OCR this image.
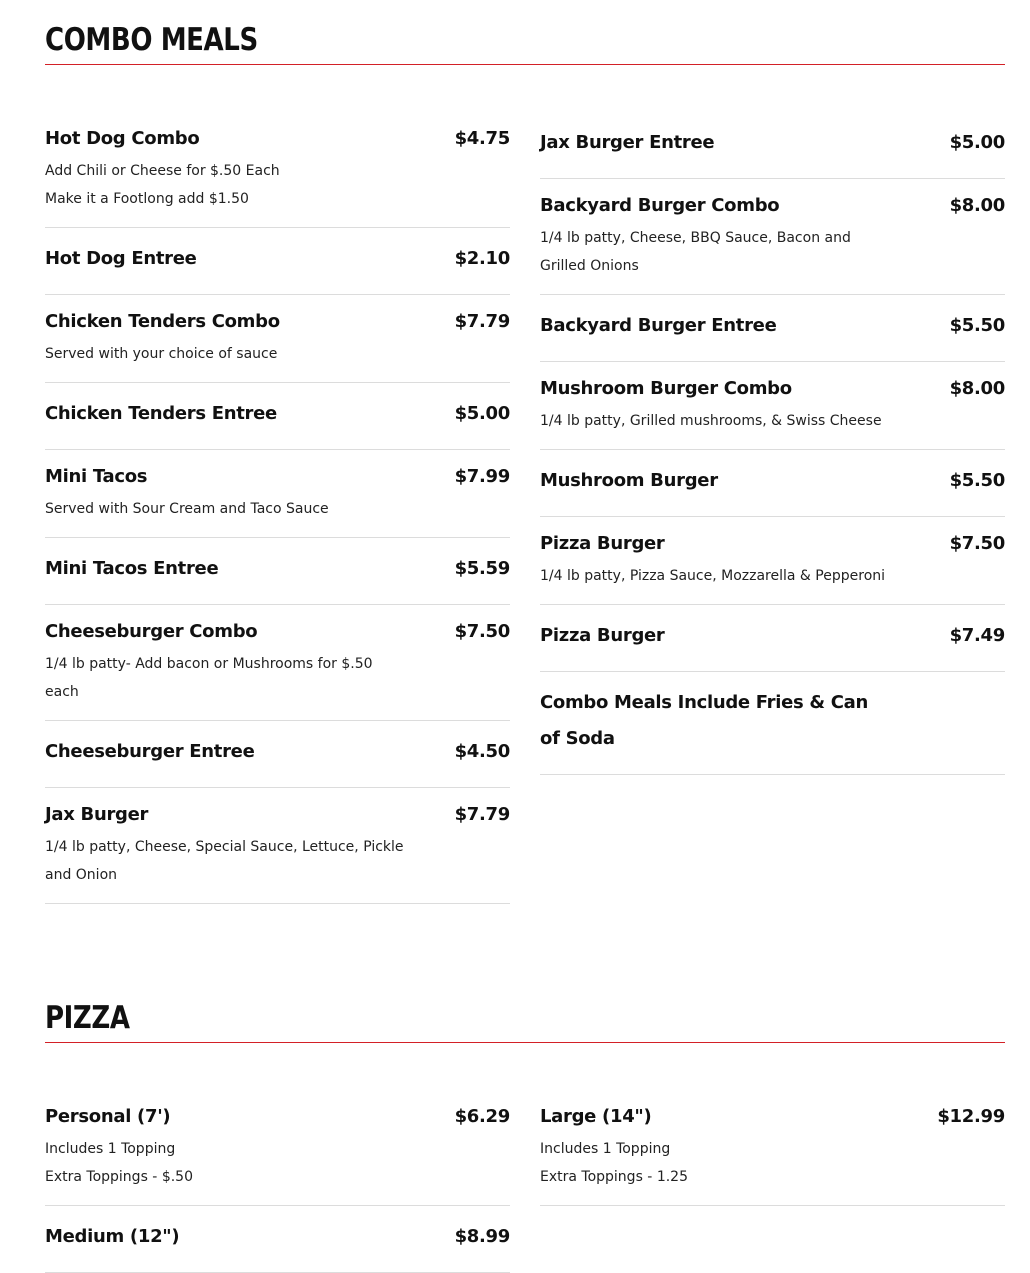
COMBO MEALS
Hot Dog Combo	$4.75
Add Chili or Cheese for $.50 Each
Make it a Footlong add $1.50
Hot Dog Entree	$2.10
Chicken Tenders Combo	$7.79
Served with your choice of sauce
Chicken Tenders Entree	$5.00
Mini Tacos	$7.99
Served with Sour Cream and Taco Sauce
Mini Tacos Entree	$5.59
Cheeseburger Combo	$7.50
1/4 lb patty- Add bacon or Mushrooms for $.50 each
Cheeseburger Entree	$4.50
Jax Burger	$7.79
1/4 lb patty, Cheese, Special Sauce, Lettuce, Pickle and Onion
Jax Burger Entree	$5.00
Backyard Burger Combo	$8.00
1/4 lb patty, Cheese, BBQ Sauce, Bacon and Grilled Onions
Backyard Burger Entree	$5.50
Mushroom Burger Combo	$8.00
1/4 lb patty, Grilled mushrooms, & Swiss Cheese
Mushroom Burger	$5.50
Pizza Burger	$7.50
1/4 lb patty, Pizza Sauce, Mozzarella & Pepperoni
Pizza Burger	$7.49
Combo Meals Include Fries & Can of Soda
PIZZA
Personal (7')	$6.29
Includes 1 Topping
Extra Toppings - $.50
Medium (12")	$8.99
Large (14")	$12.99
Includes 1 Topping
Extra Toppings - 1.25
